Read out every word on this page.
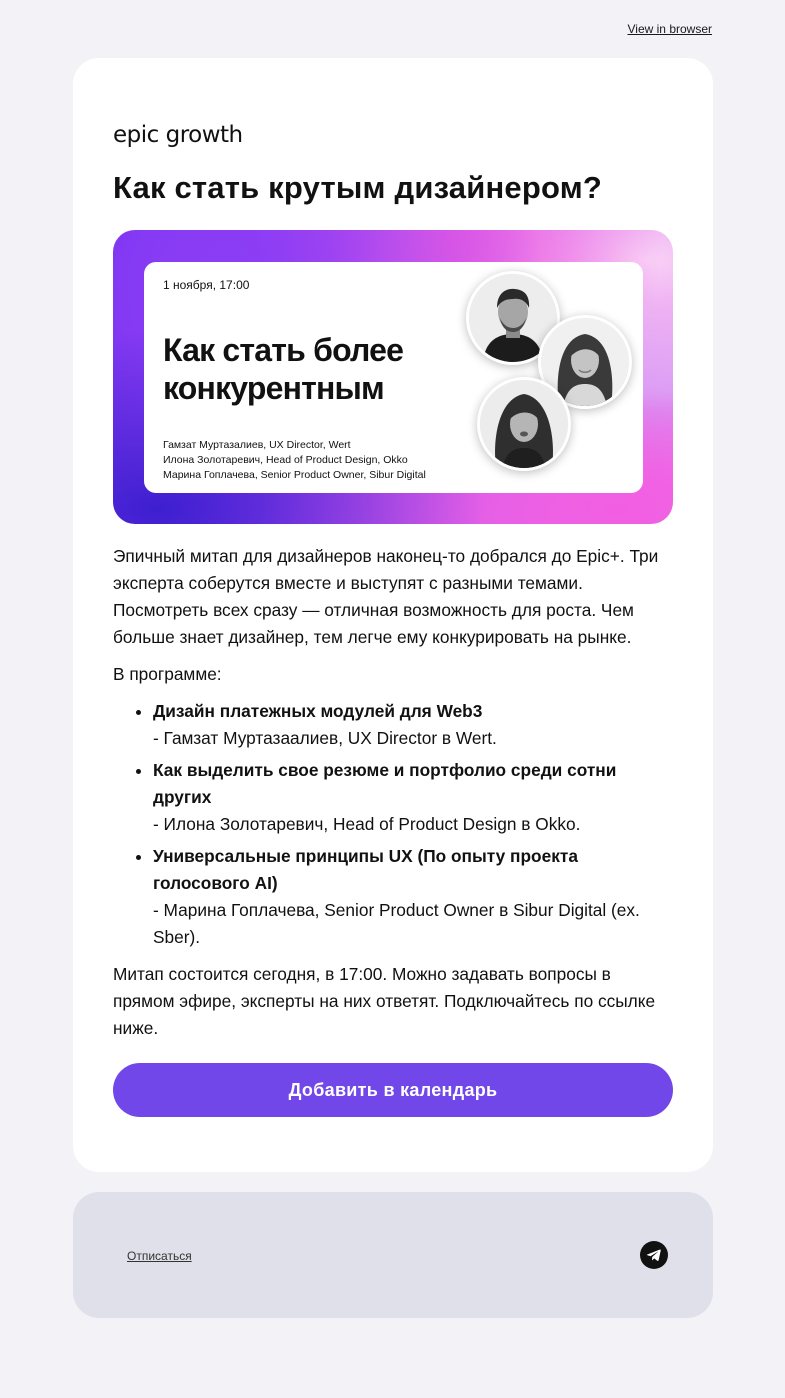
View in browser
epic growth
Как стать крутым дизайнером?
1 ноября, 17:00
Как стать более
конкурентным
Гамзат Муртазалиев, UX Director, Wert
Илона Золотаревич, Head of Product Design, Okko
Марина Гоплачева, Senior Product Owner, Sibur Digital

Эпичный митап для дизайнеров наконец-то добрался до Epic+. Три эксперта соберутся вместе и выступят с разными темами. Посмотреть всех сразу — отличная возможность для роста. Чем больше знает дизайнер, тем легче ему конкурировать на рынке.

В программе:

• Дизайн платежных модулей для Web3
- Гамзат Муртазаалиев, UX Director в Wert.
• Как выделить свое резюме и портфолио среди сотни других
- Илона Золотаревич, Head of Product Design в Okko.
• Универсальные принципы UX (По опыту проекта голосового AI)
- Марина Гоплачева, Senior Product Owner в Sibur Digital (ex. Sber).

Митап состоится сегодня, в 17:00. Можно задавать вопросы в прямом эфире, эксперты на них ответят. Подключайтесь по ссылке ниже.

Добавить в календарь
Отписаться
